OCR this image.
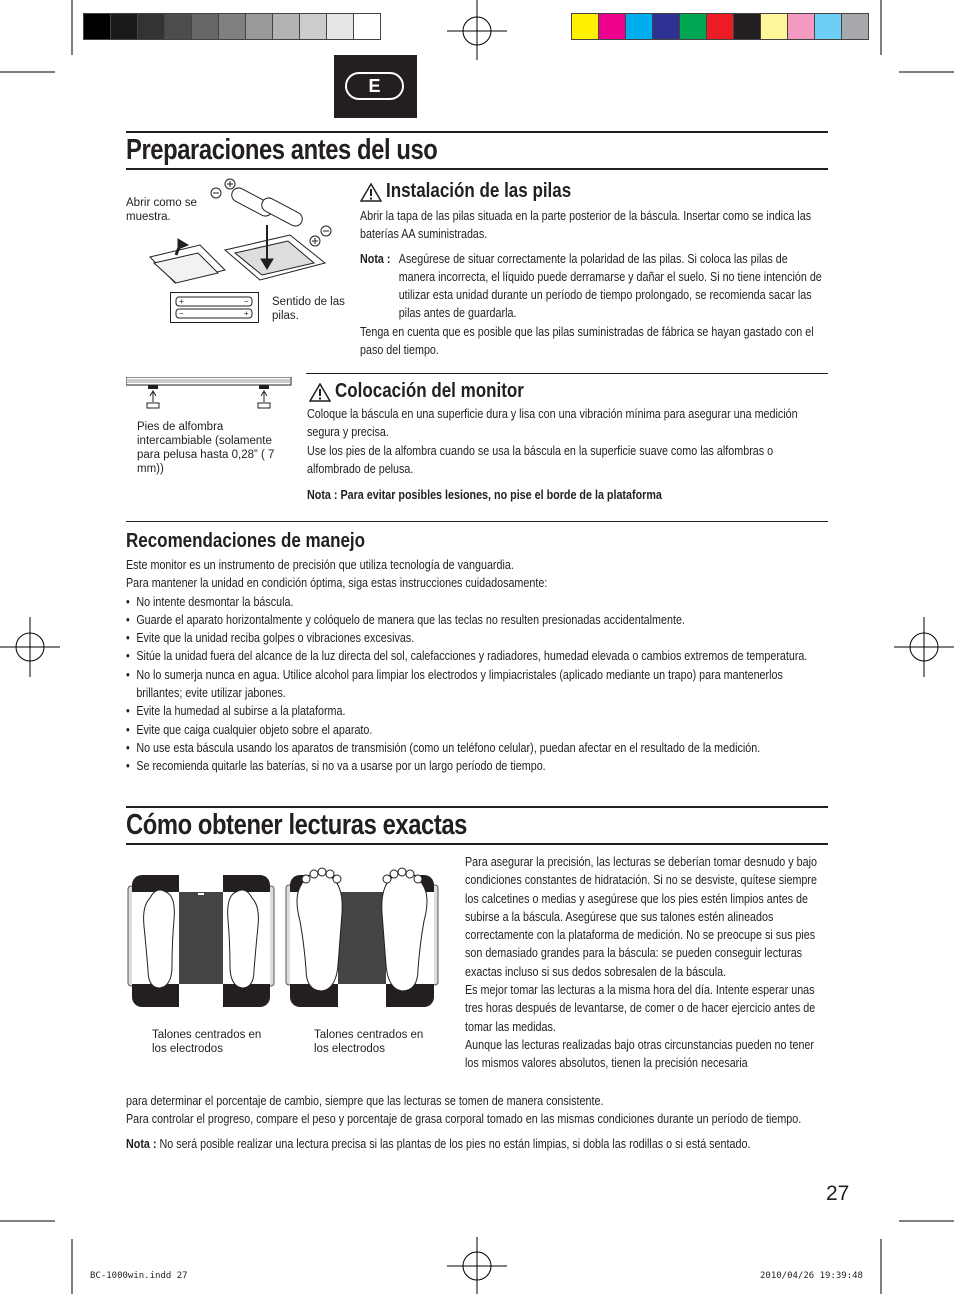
E
Preparaciones antes del uso
Abrir como se muestra.
+	−
−	+
Sentido de las pilas.
Instalación de las pilas
Abrir la tapa de las pilas situada en la parte posterior de la báscula. Insertar como se indica las baterías AA suministradas.
Nota : Asegúrese de situar correctamente la polaridad de las pilas. Si coloca las pilas de manera incorrecta, el líquido puede derramarse y dañar el suelo. Si no tiene intención de utilizar esta unidad durante un período de tiempo prolongado, se recomienda sacar las pilas antes de guardarla.
Tenga en cuenta que es posible que las pilas suministradas de fábrica se hayan gastado con el paso del tiempo.
Pies de alfombra intercambiable (solamente para pelusa hasta 0,28” ( 7 mm))
Colocación del monitor
Coloque la báscula en una superficie dura y lisa con una vibración mínima para asegurar una medición segura y precisa.
Use los pies de la alfombra cuando se usa la báscula en la superficie suave como las alfombras o alfombrado de pelusa.
Nota : Para evitar posibles lesiones, no pise el borde de la plataforma
Recomendaciones de manejo
Este monitor es un instrumento de precisión que utiliza tecnología de vanguardia.
Para mantener la unidad en condición óptima, siga estas instrucciones cuidadosamente:
• No intente desmontar la báscula.
• Guarde el aparato horizontalmente y colóquelo de manera que las teclas no resulten presionadas accidentalmente.
• Evite que la unidad reciba golpes o vibraciones excesivas.
• Sitúe la unidad fuera del alcance de la luz directa del sol, calefacciones y radiadores, humedad elevada o cambios extremos de temperatura.
• No lo sumerja nunca en agua. Utilice alcohol para limpiar los electrodos y limpiacristales (aplicado mediante un trapo) para mantenerlos brillantes; evite utilizar jabones.
• Evite la humedad al subirse a la plataforma.
• Evite que caiga cualquier objeto sobre el aparato.
• No use esta báscula usando los aparatos de transmisión (como un teléfono celular), puedan afectar en el resultado de la medición.
• Se recomienda quitarle las baterías, si no va a usarse por un largo período de tiempo.
Cómo obtener lecturas exactas
Talones centrados en los electrodos
Talones centrados en los electrodos
Para asegurar la precisión, las lecturas se deberían tomar desnudo y bajo condiciones constantes de hidratación. Si no se desviste, quítese siempre los calcetines o medias y asegúrese que los pies estén limpios antes de subirse a la báscula. Asegúrese que sus talones estén alineados correctamente con la plataforma de medición. No se preocupe si sus pies son demasiado grandes para la báscula: se pueden conseguir lecturas exactas incluso si sus dedos sobresalen de la báscula.
Es mejor tomar las lecturas a la misma hora del día. Intente esperar unas tres horas después de levantarse, de comer o de hacer ejercicio antes de tomar las medidas.
Aunque las lecturas realizadas bajo otras circunstancias pueden no tener los mismos valores absolutos, tienen la precisión necesaria
para determinar el porcentaje de cambio, siempre que las lecturas se tomen de manera consistente.
Para controlar el progreso, compare el peso y porcentaje de grasa corporal tomado en las mismas condiciones durante un período de tiempo.
Nota : No será posible realizar una lectura precisa si las plantas de los pies no están limpias, si dobla las rodillas o si está sentado.
27
BC-1000win.indd 27	2010/04/26 19:39:48
